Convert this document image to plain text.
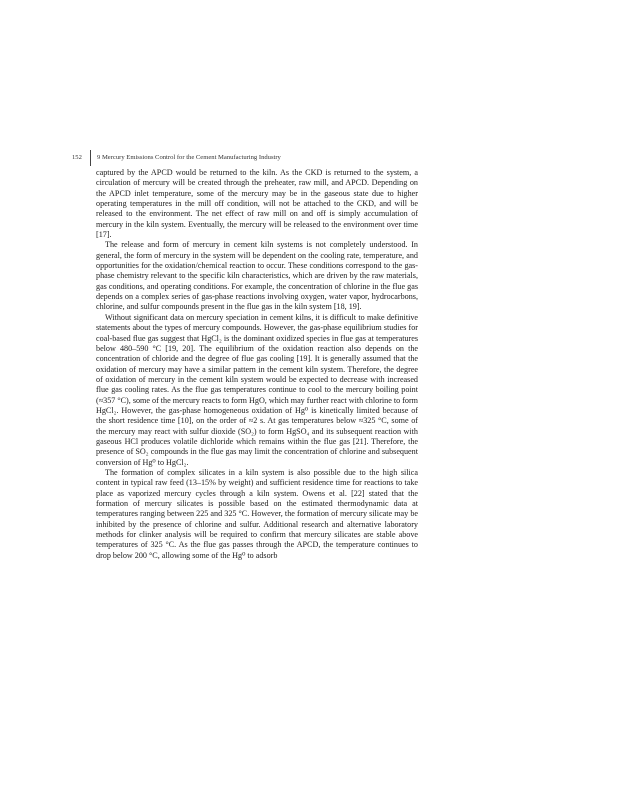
152 9 Mercury Emissions Control for the Cement Manufacturing Industry

captured by the APCD would be returned to the kiln. As the CKD is returned to the system, a circulation of mercury will be created through the preheater, raw mill, and APCD. Depending on the APCD inlet temperature, some of the mercury may be in the gaseous state due to higher operating temperatures in the mill off condition, will not be attached to the CKD, and will be released to the environment. The net effect of raw mill on and off is simply accumulation of mercury in the kiln system. Eventually, the mercury will be released to the environment over time [17].

The release and form of mercury in cement kiln systems is not completely understood. In general, the form of mercury in the system will be dependent on the cooling rate, temperature, and opportunities for the oxidation/chemical reaction to occur. These conditions correspond to the gas-phase chemistry relevant to the specific kiln characteristics, which are driven by the raw materials, gas conditions, and operating conditions. For example, the concentration of chlorine in the flue gas depends on a complex series of gas-phase reactions involving oxygen, water vapor, hydrocarbons, chlorine, and sulfur compounds present in the flue gas in the kiln system [18, 19].

Without significant data on mercury speciation in cement kilns, it is difficult to make definitive statements about the types of mercury compounds. However, the gas-phase equilibrium studies for coal-based flue gas suggest that HgCl₂ is the dominant oxidized species in flue gas at temperatures below 480–590 °C [19, 20]. The equilibrium of the oxidation reaction also depends on the concentration of chloride and the degree of flue gas cooling [19]. It is generally assumed that the oxidation of mercury may have a similar pattern in the cement kiln system. Therefore, the degree of oxidation of mercury in the cement kiln system would be expected to decrease with increased flue gas cooling rates. As the flue gas temperatures continue to cool to the mercury boiling point (≈357 °C), some of the mercury reacts to form HgO, which may further react with chlorine to form HgCl₂. However, the gas-phase homogeneous oxidation of Hg⁰ is kinetically limited because of the short residence time [10], on the order of ≈2 s. At gas temperatures below ≈325 °C, some of the mercury may react with sulfur dioxide (SO₂) to form HgSO₄ and its subsequent reaction with gaseous HCl produces volatile dichloride which remains within the flue gas [21]. Therefore, the presence of SO₂ compounds in the flue gas may limit the concentration of chlorine and subsequent conversion of Hg⁰ to HgCl₂.

The formation of complex silicates in a kiln system is also possible due to the high silica content in typical raw feed (13–15% by weight) and sufficient residence time for reactions to take place as vaporized mercury cycles through a kiln system. Owens et al. [22] stated that the formation of mercury silicates is possible based on the estimated thermodynamic data at temperatures ranging between 225 and 325 °C. However, the formation of mercury silicate may be inhibited by the presence of chlorine and sulfur. Additional research and alternative laboratory methods for clinker analysis will be required to confirm that mercury silicates are stable above temperatures of 325 °C. As the flue gas passes through the APCD, the temperature continues to drop below 200 °C, allowing some of the Hg⁰ to adsorb
